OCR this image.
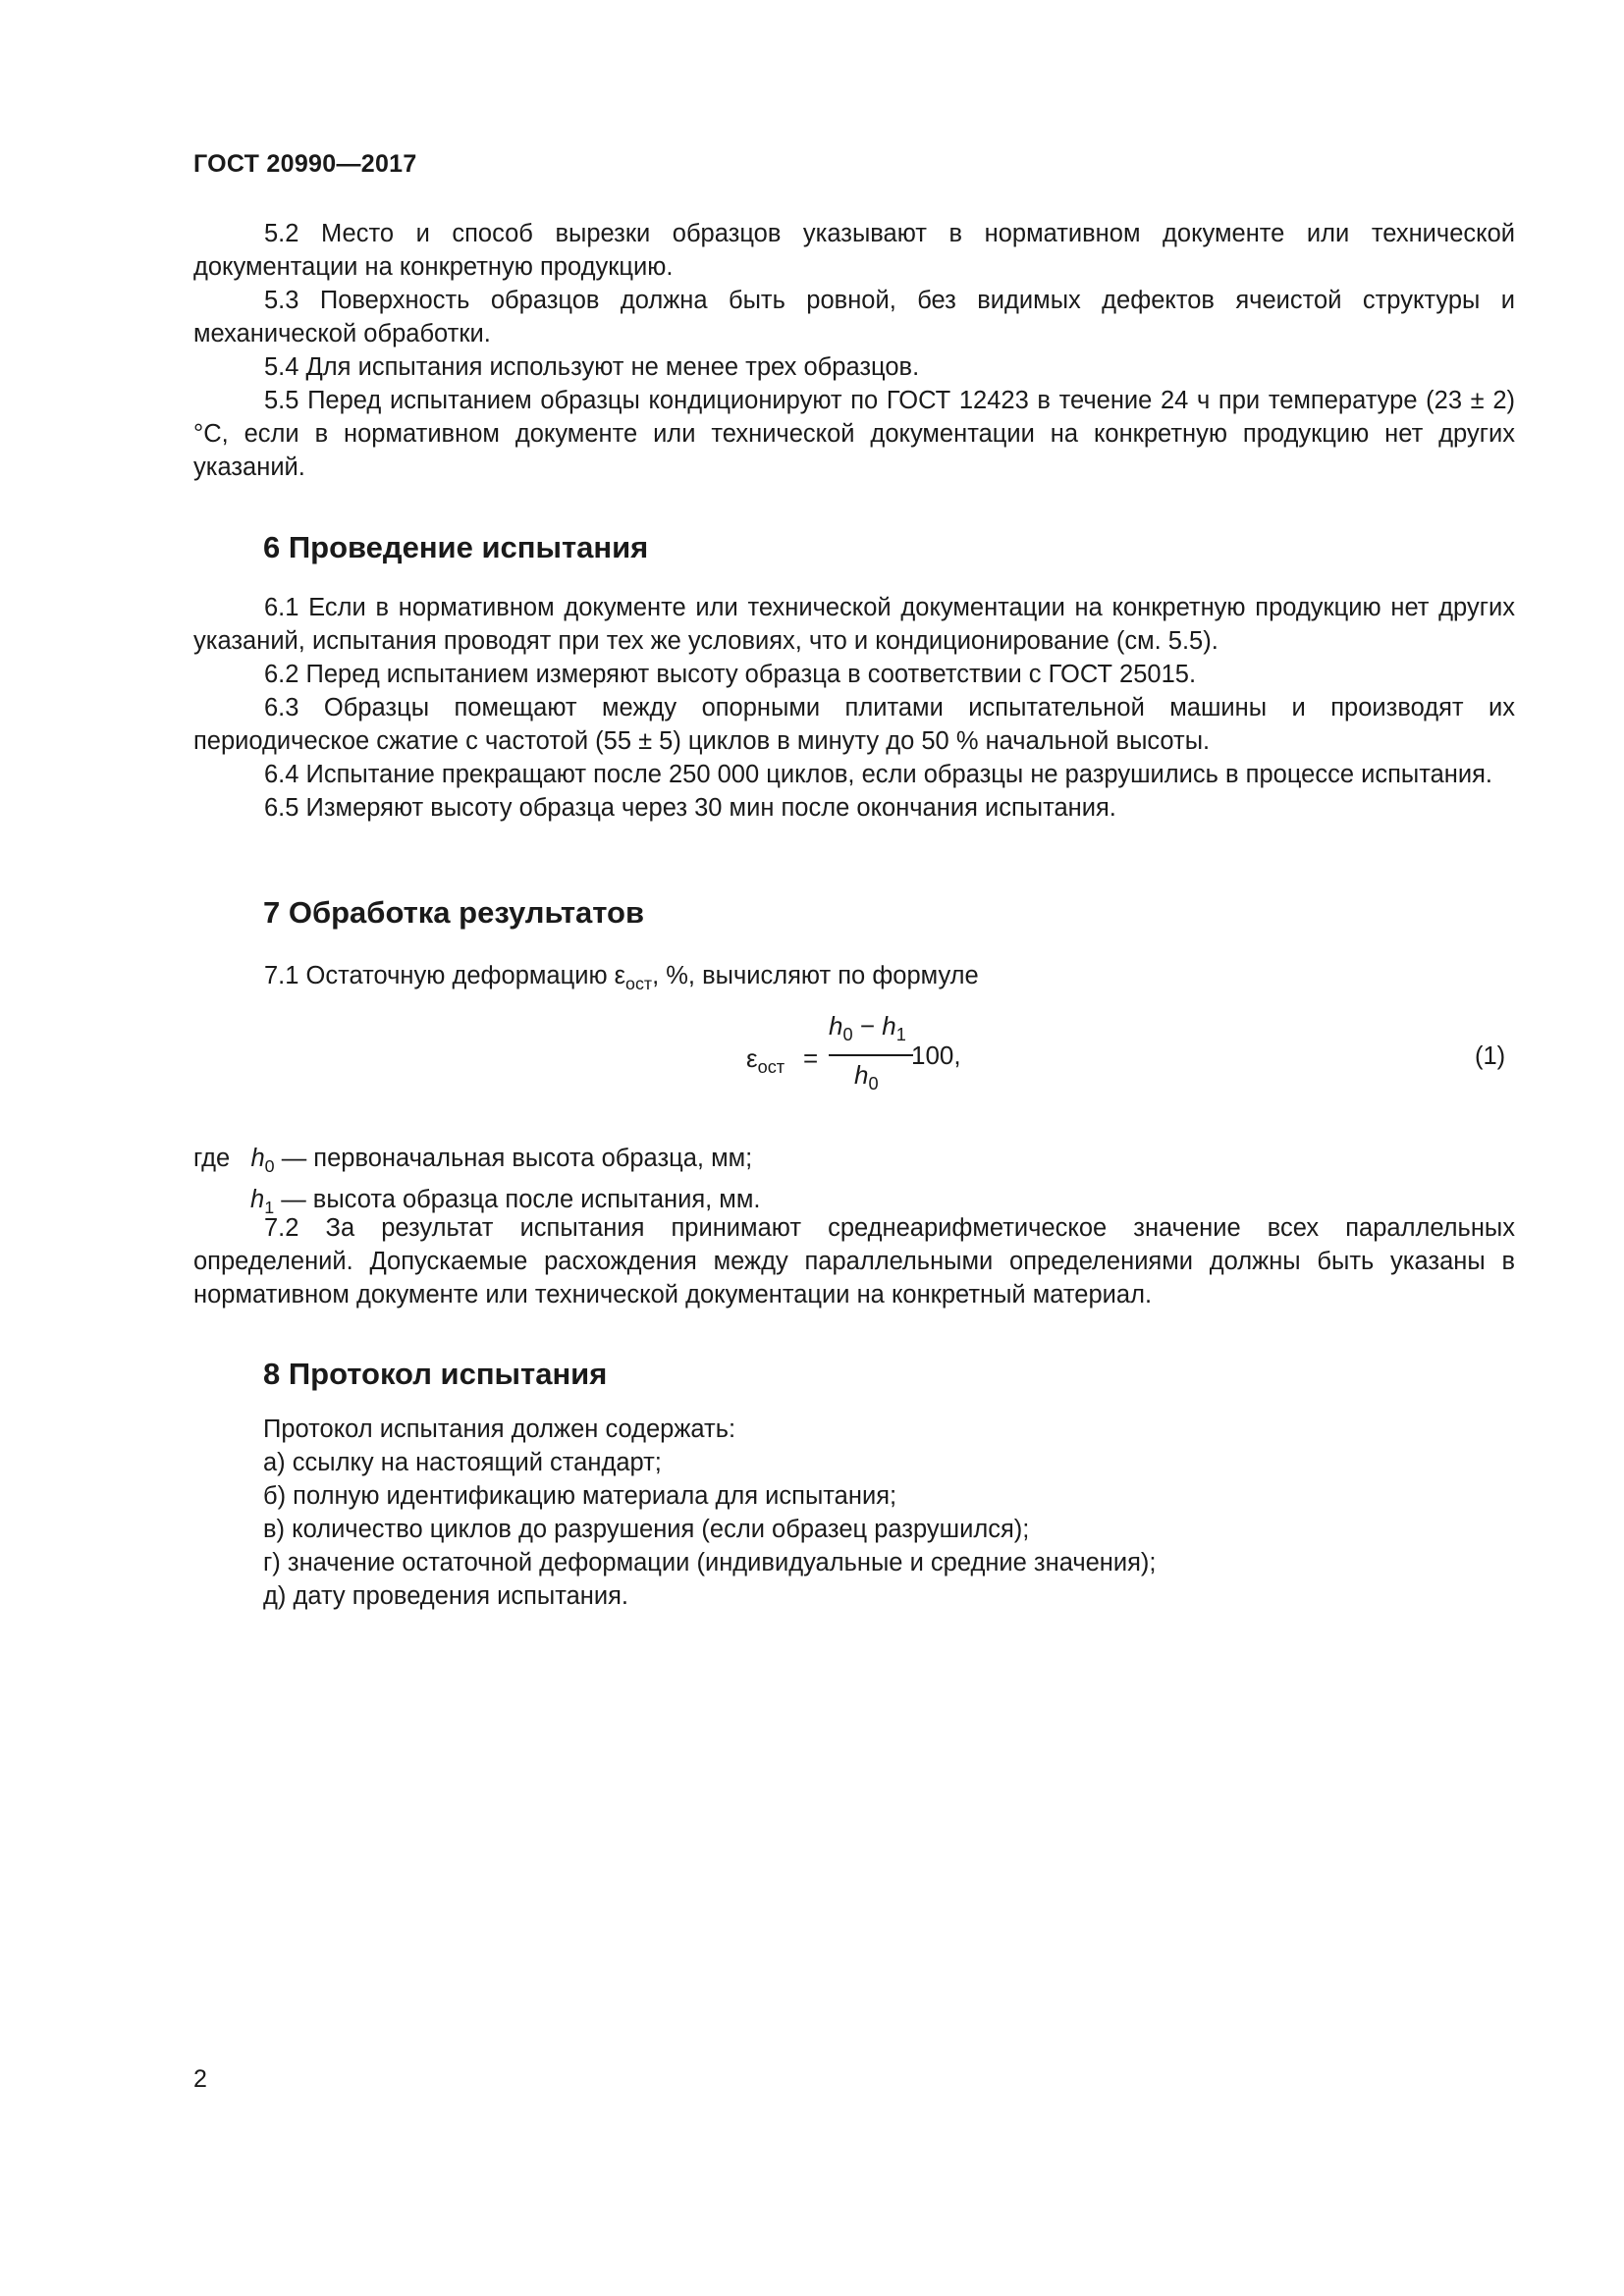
ГОСТ 20990—2017

5.2 Место и способ вырезки образцов указывают в нормативном документе или технической документации на конкретную продукцию.

5.3 Поверхность образцов должна быть ровной, без видимых дефектов ячеистой структуры и механической обработки.

5.4 Для испытания используют не менее трех образцов.

5.5 Перед испытанием образцы кондиционируют по ГОСТ 12423 в течение 24 ч при температуре (23 ± 2) °C, если в нормативном документе или технической документации на конкретную продукцию нет других указаний.

6 Проведение испытания

6.1 Если в нормативном документе или технической документации на конкретную продукцию нет других указаний, испытания проводят при тех же условиях, что и кондиционирование (см. 5.5).

6.2 Перед испытанием измеряют высоту образца в соответствии с ГОСТ 25015.

6.3 Образцы помещают между опорными плитами испытательной машины и производят их периодическое сжатие с частотой (55 ± 5) циклов в минуту до 50 % начальной высоты.

6.4 Испытание прекращают после 250 000 циклов, если образцы не разрушились в процессе испытания.

6.5 Измеряют высоту образца через 30 мин после окончания испытания.

7 Обработка результатов

7.1 Остаточную деформацию $\varepsilon_{ост}$, %, вычисляют по формуле

$\varepsilon_{ост}$ =
$h_0 - h_1$
$h_0$
100,	(1)
где $h_0$ — первоначальная высота образца, мм;
$h_1$ — высота образца после испытания, мм.

7.2 За результат испытания принимают среднеарифметическое значение всех параллельных определений. Допускаемые расхождения между параллельными определениями должны быть указаны в нормативном документе или технической документации на конкретный материал.

8 Протокол испытания
Протокол испытания должен содержать:
а) ссылку на настоящий стандарт;
б) полную идентификацию материала для испытания;
в) количество циклов до разрушения (если образец разрушился);
г) значение остаточной деформации (индивидуальные и средние значения);
д) дату проведения испытания.
2
